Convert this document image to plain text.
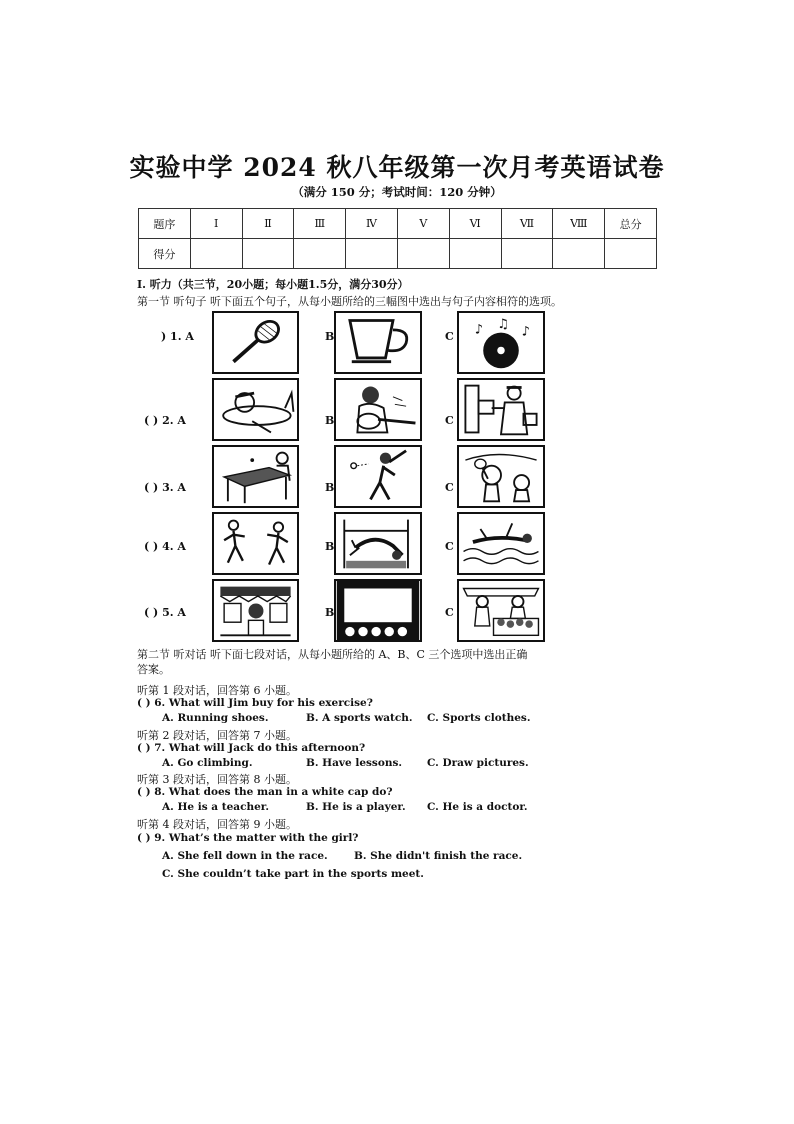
实验中学 2024 秋八年级第一次月考英语试卷
（满分 150 分；考试时间：120 分钟）
题序	Ⅰ	Ⅱ	Ⅲ	Ⅳ	Ⅴ	Ⅵ	Ⅶ	Ⅷ	总分
得分									
I. 听力（共三节，20小题；每小题1.5分，满分30分）
第一节 听句子 听下面五个句子，从每小题所给的三幅图中选出与句子内容相符的选项。
) 1. A	B	C ♪ ♫ ♪
( ) 2. A	B	C
( ) 3. A	B	C
( ) 4. A	B	C
( ) 5. A	B	C
第二节 听对话 听下面七段对话，从每小题所给的 A、B、C 三个选项中选出正确
答案。
听第 1 段对话，回答第 6 小题。
( ) 6. What will Jim buy for his exercise?
A. Running shoes.	B. A sports watch. C. Sports clothes.
听第 2 段对话，回答第 7 小题。
( ) 7. What will Jack do this afternoon?
A. Go climbing.	B. Have lessons. C. Draw pictures.
听第 3 段对话，回答第 8 小题。
( ) 8. What does the man in a white cap do?
A. He is a teacher.	B. He is a player. C. He is a doctor.
听第 4 段对话，回答第 9 小题。
( ) 9. What’s the matter with the girl?
A. She fell down in the race.	B. She didn't finish the race.
C. She couldn’t take part in the sports meet.
